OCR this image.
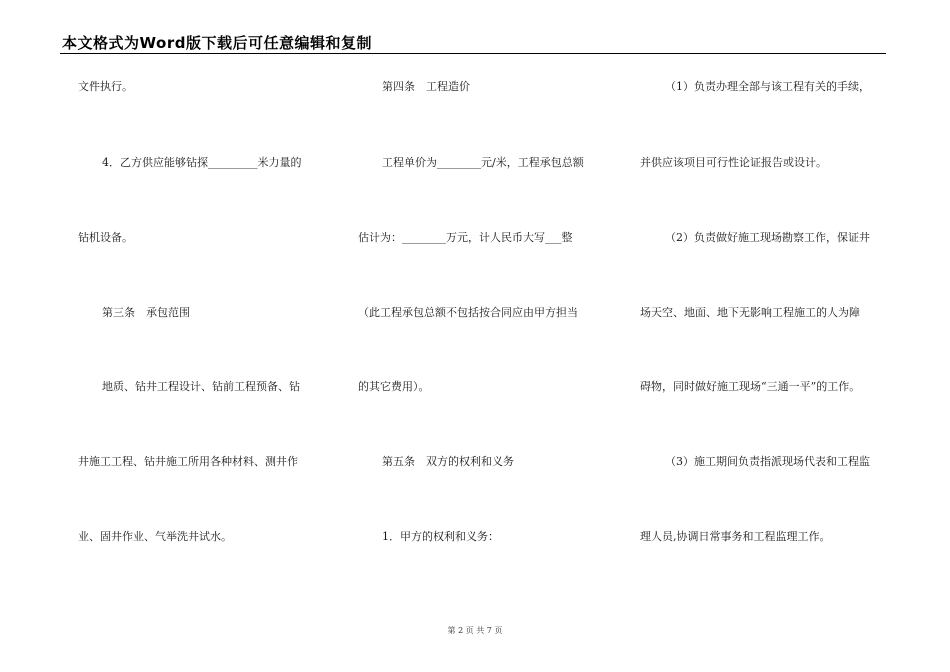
本文格式为Word版下载后可任意编辑和复制
文件执行。
4．乙方供应能够钻探_________米力量的
钻机设备。
第三条　承包范围
地质、钻井工程设计、钻前工程预备、钻
井施工工程、钻井施工所用各种材料、测井作
业、固井作业、气举洗井试水。
第四条　工程造价
工程单价为________元/米，工程承包总额
估计为：________万元，计人民币大写___整
（此工程承包总额不包括按合同应由甲方担当
的其它费用）。
第五条　双方的权利和义务
1．甲方的权利和义务：
（1）负责办理全部与该工程有关的手续，
并供应该项目可行性论证报告或设计。
（2）负责做好施工现场勘察工作，保证井
场天空、地面、地下无影响工程施工的人为障
碍物，同时做好施工现场“三通一平”的工作。
（3）施工期间负责指派现场代表和工程监
理人员,协调日常事务和工程监理工作。
第 2 页 共 7 页
